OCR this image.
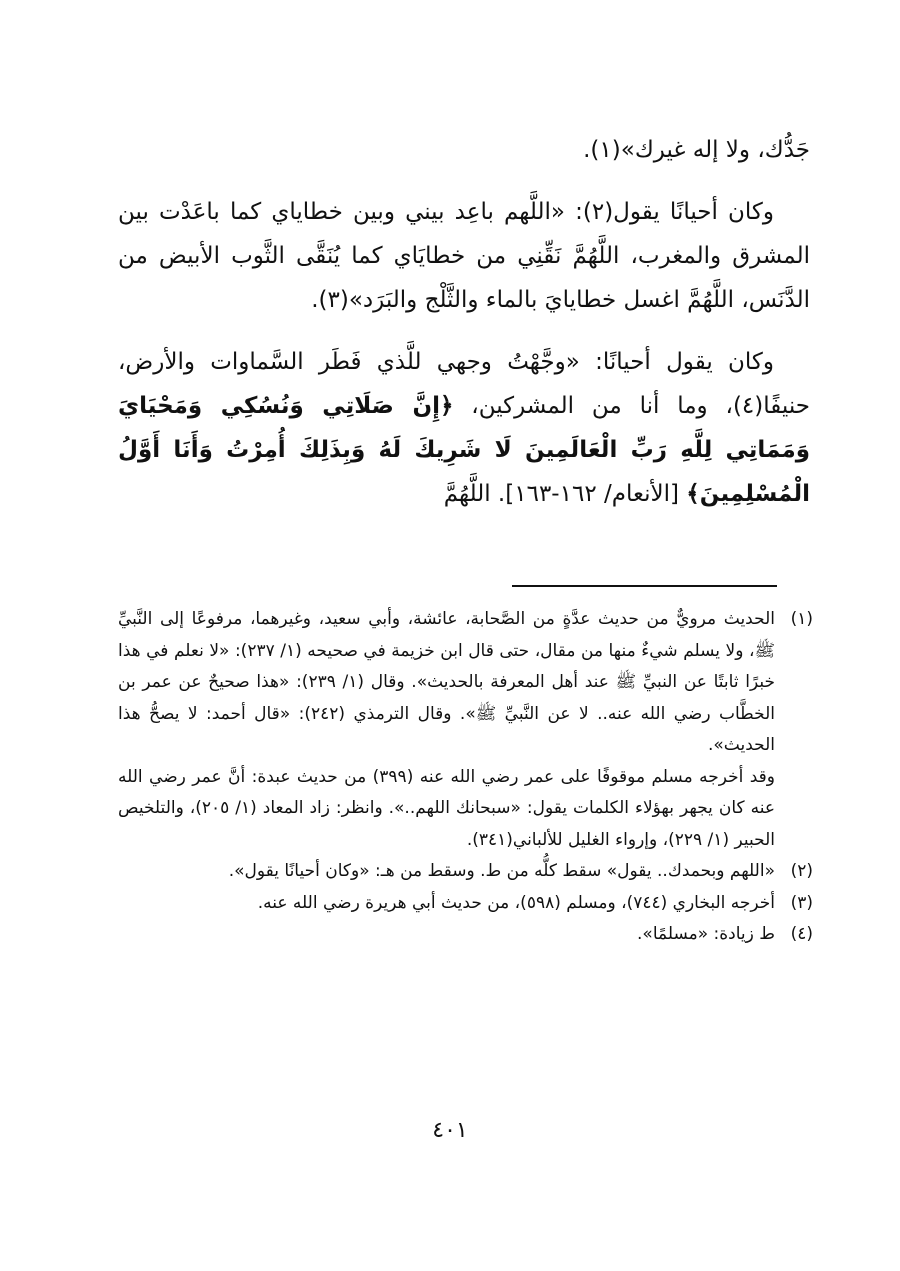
جَدُّك، ولا إله غيرك»(١).

وكان أحيانًا يقول(٢): «اللَّهم باعِد بيني وبين خطاياي كما باعَدْت بين المشرق والمغرب، اللَّهُمَّ نَقِّنِي من خطايَاي كما يُنَقَّى الثَّوب الأبيض من الدَّنَس، اللَّهُمَّ اغسل خطايايَ بالماء والثَّلْج والبَرَد»(٣).

وكان يقول أحيانًا: «وجَّهْتُ وجهي للَّذي فَطَر السَّماوات والأرض، حنيفًا(٤)، وما أنا من المشركين، ﴿إِنَّ صَلَاتِي وَنُسُكِي وَمَحْيَايَ وَمَمَاتِي لِلَّهِ رَبِّ الْعَالَمِينَ لَا شَرِيكَ لَهُ وَبِذَلِكَ أُمِرْتُ وَأَنَا أَوَّلُ الْمُسْلِمِينَ﴾ [الأنعام/ ١٦٢-١٦٣]. اللَّهُمَّ

(١)

الحديث مرويٌّ من حديث عدَّةٍ من الصَّحابة، عائشة، وأبي سعيد، وغيرهما، مرفوعًا إلى النَّبيِّ ﷺ، ولا يسلم شيءٌ منها من مقال، حتى قال ابن خزيمة في صحيحه (١/ ٢٣٧): «لا نعلم في هذا خبرًا ثابتًا عن النبيِّ ﷺ عند أهل المعرفة بالحديث». وقال (١/ ٢٣٩): «هذا صحيحٌ عن عمر بن الخطَّاب رضي الله عنه.. لا عن النَّبيِّ ﷺ». وقال الترمذي (٢٤٢): «قال أحمد: لا يصحُّ هذا الحديث».

وقد أخرجه مسلم موقوفًا على عمر رضي الله عنه (٣٩٩) من حديث عبدة: أنَّ عمر رضي الله عنه كان يجهر بهؤلاء الكلمات يقول: «سبحانك اللهم..». وانظر: زاد المعاد (١/ ٢٠٥)، والتلخيص الحبير (١/ ٢٢٩)، وإرواء الغليل للألباني(٣٤١).

(٢)

«اللهم وبحمدك.. يقول» سقط كلُّه من ط. وسقط من هـ: «وكان أحيانًا يقول».

(٣)

أخرجه البخاري (٧٤٤)، ومسلم (٥٩٨)، من حديث أبي هريرة رضي الله عنه.

(٤)

ط زيادة: «مسلمًا».

٤٠١
